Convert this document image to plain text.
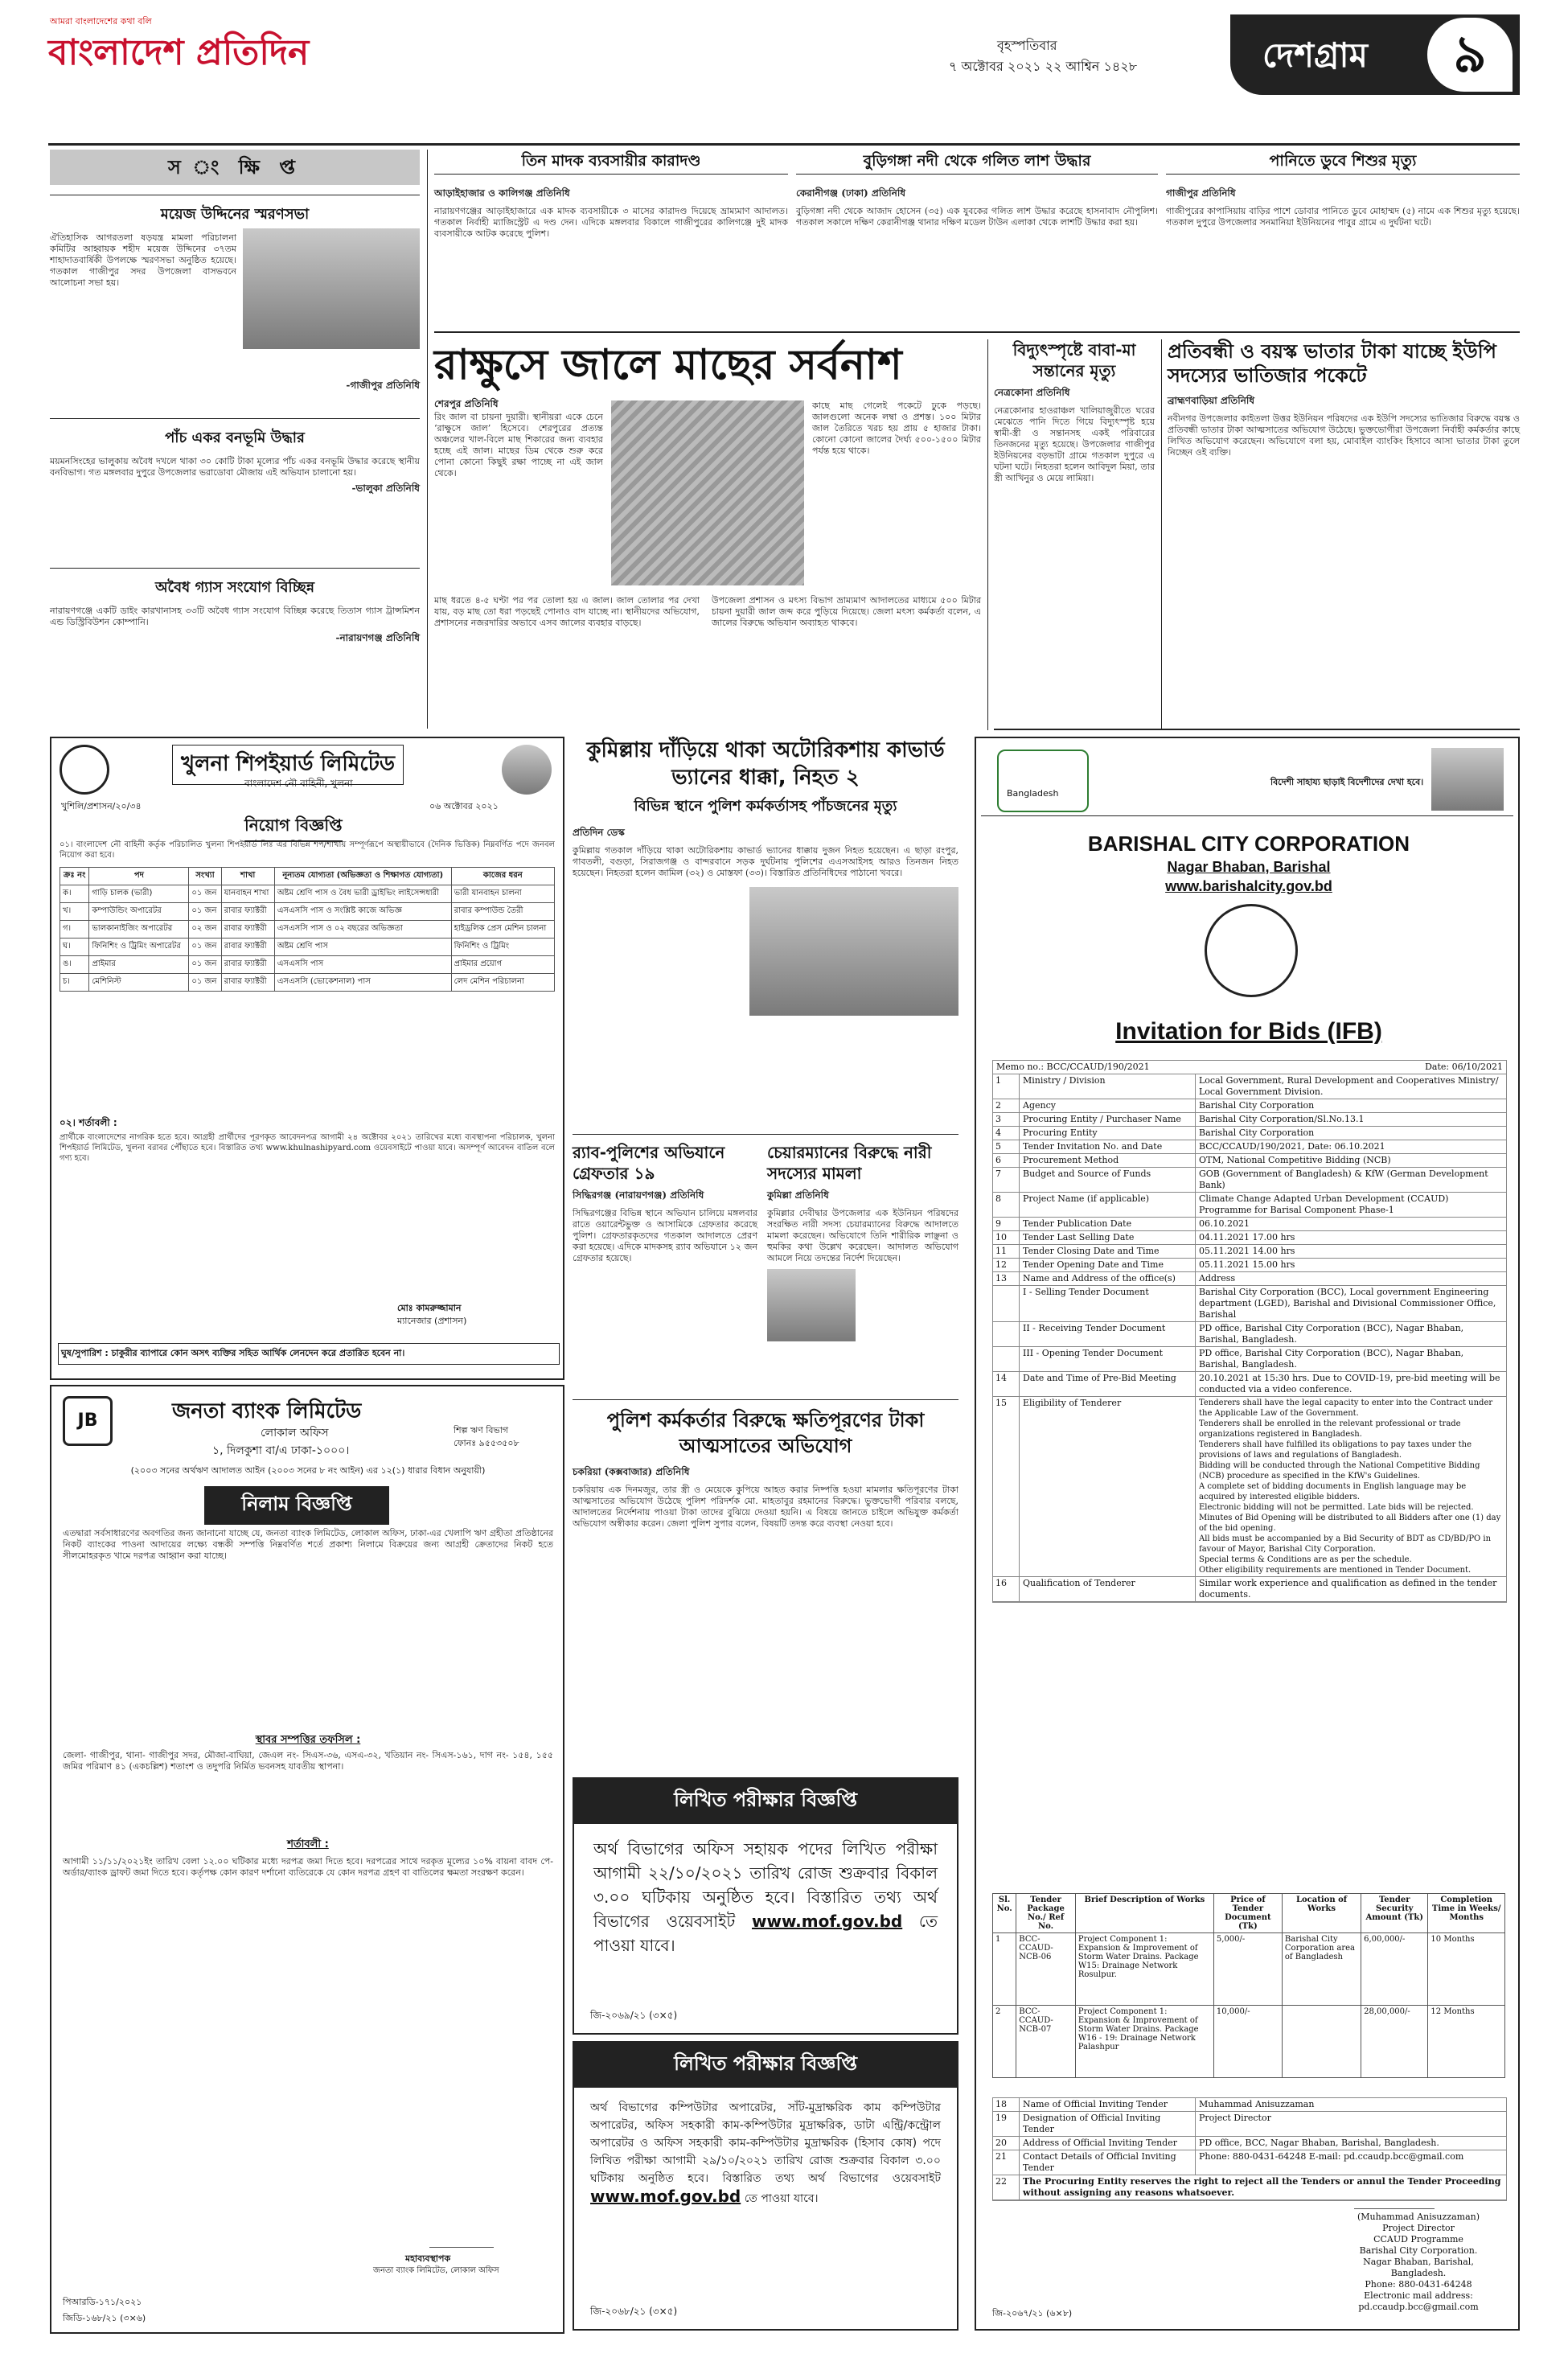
আমরা বাংলাদেশের কথা বলি
বাংলাদেশ প্রতিদিন	বৃহস্পতিবার
৭ অক্টোবর ২০২১ ২২ আশ্বিন ১৪২৮	দেশগ্রাম	৯
স ং ক্ষি প্ত
ময়েজ উদ্দিনের স্মরণসভা
ঐতিহাসিক আগরতলা ষড়যন্ত্র মামলা পরিচালনা কমিটির আহ্বায়ক শহীদ ময়েজ উদ্দিনের ৩৭তম শাহাদাতবার্ষিকী উপলক্ষে স্মরণসভা অনুষ্ঠিত হয়েছে। গতকাল গাজীপুর সদর উপজেলা বাসভবনে আলোচনা সভা হয়।
-গাজীপুর প্রতিনিধি
পাঁচ একর বনভূমি উদ্ধার
ময়মনসিংহের ভালুকায় অবৈধ দখলে থাকা ৩০ কোটি টাকা মূল্যের পাঁচ একর বনভূমি উদ্ধার করেছে স্থানীয় বনবিভাগ। গত মঙ্গলবার দুপুরে উপজেলার ভরাডোবা মৌজায় এই অভিযান চালানো হয়।
-ভালুকা প্রতিনিধি
অবৈধ গ্যাস সংযোগ বিচ্ছিন্ন
নারায়ণগঞ্জে একটি ডাইং কারখানাসহ ৩৩টি অবৈধ গ্যাস সংযোগ বিচ্ছিন্ন করেছে তিতাস গ্যাস ট্রান্সমিশন এন্ড ডিস্ট্রিবিউশন কোম্পানি।
-নারায়ণগঞ্জ প্রতিনিধি
তিন মাদক ব্যবসায়ীর কারাদণ্ড
আড়াইহাজার ও কালিগঞ্জ প্রতিনিধি
নারায়ণগঞ্জের আড়াইহাজারে এক মাদক ব্যবসায়ীকে ৩ মাসের কারাদণ্ড দিয়েছে ভ্রাম্যমাণ আদালত। গতকাল নির্বাহী ম্যাজিস্ট্রেট এ দণ্ড দেন। এদিকে মঙ্গলবার বিকালে গাজীপুরের কালিগঞ্জে দুই মাদক ব্যবসায়ীকে আটক করেছে পুলিশ।
বুড়িগঙ্গা নদী থেকে গলিত লাশ উদ্ধার
কেরানীগঞ্জ (ঢাকা) প্রতিনিধি
বুড়িগঙ্গা নদী থেকে আজাদ হোসেন (৩৫) এক যুবকের গলিত লাশ উদ্ধার করেছে হাসনাবাদ নৌপুলিশ। গতকাল সকালে দক্ষিণ কেরানীগঞ্জ থানার দক্ষিণ মডেল টাউন এলাকা থেকে লাশটি উদ্ধার করা হয়।
পানিতে ডুবে শিশুর মৃত্যু
গাজীপুর প্রতিনিধি
গাজীপুরের কাপাসিয়ায় বাড়ির পাশে ডোবার পানিতে ডুবে মোহাম্মদ (৫) নামে এক শিশুর মৃত্যু হয়েছে। গতকাল দুপুরে উপজেলার সনমানিয়া ইউনিয়নের পাবুর গ্রামে এ দুর্ঘটনা ঘটে।
রাক্ষুসে জালে মাছের সর্বনাশ
শেরপুর প্রতিনিধি
রিং জাল বা চায়না দুয়ারী। স্থানীয়রা একে চেনে ‘রাক্ষুসে জাল’ হিসেবে। শেরপুরের প্রত্যন্ত অঞ্চলের খাল-বিলে মাছ শিকারের জন্য ব্যবহার হচ্ছে এই জাল। মাছের ডিম থেকে শুরু করে পোনা কোনো কিছুই রক্ষা পাচ্ছে না এই জাল থেকে।
কাছে মাছ গেলেই পকেটে ঢুকে পড়ছে। জালগুলো অনেক লম্বা ও প্রশস্ত। ১০০ মিটার জাল তৈরিতে খরচ হয় প্রায় ৫ হাজার টাকা। কোনো কোনো জালের দৈর্ঘ্য ৫০০-১৫০০ মিটার পর্যন্ত হয়ে থাকে।
মাছ ধরতে ৪-৫ ঘণ্টা পর পর তোলা হয় এ জাল। জাল তোলার পর দেখা যায়, বড় মাছ তো ধরা পড়ছেই পোনাও বাদ যাচ্ছে না। স্থানীয়দের অভিযোগ, প্রশাসনের নজরদারির অভাবে এসব জালের ব্যবহার বাড়ছে।
উপজেলা প্রশাসন ও মৎস্য বিভাগ ভ্রাম্যমাণ আদালতের মাধ্যমে ৫০০ মিটার চায়না দুয়ারী জাল জব্দ করে পুড়িয়ে দিয়েছে। জেলা মৎস্য কর্মকর্তা বলেন, এ জালের বিরুদ্ধে অভিযান অব্যাহত থাকবে।
বিদ্যুৎস্পৃষ্টে বাবা-মা সন্তানের মৃত্যু
নেত্রকোনা প্রতিনিধি
নেত্রকোনার হাওরাঞ্চল খালিয়াজুরীতে ঘরের মেঝেতে পানি দিতে গিয়ে বিদ্যুৎস্পৃষ্ট হয়ে স্বামী-স্ত্রী ও সন্তানসহ একই পরিবারের তিনজনের মৃত্যু হয়েছে। উপজেলার গাজীপুর ইউনিয়নের বড়ভাটা গ্রামে গতকাল দুপুরে এ ঘটনা ঘটে। নিহতরা হলেন আবিদুল মিয়া, তার স্ত্রী আখিনুর ও মেয়ে লামিয়া।
প্রতিবন্ধী ও বয়স্ক ভাতার টাকা যাচ্ছে ইউপি সদস্যের ভাতিজার পকেটে
ব্রাহ্মণবাড়িয়া প্রতিনিধি
নবীনগর উপজেলার কাইতলা উত্তর ইউনিয়ন পরিষদের এক ইউপি সদস্যের ভাতিজার বিরুদ্ধে বয়স্ক ও প্রতিবন্ধী ভাতার টাকা আত্মসাতের অভিযোগ উঠেছে। ভুক্তভোগীরা উপজেলা নির্বাহী কর্মকর্তার কাছে লিখিত অভিযোগ করেছেন। অভিযোগে বলা হয়, মোবাইল ব্যাংকিং হিসাবে আসা ভাতার টাকা তুলে নিচ্ছেন ওই ব্যক্তি।
খুশিলি/প্রশাসন/২০/৩৪
খুলনা শিপইয়ার্ড লিমিটেড
বাংলাদেশ নৌ বাহিনী, খুলনা
০৬ অক্টোবর ২০২১
নিয়োগ বিজ্ঞপ্তি
০১। বাংলাদেশ নৌ বাহিনী কর্তৃক পরিচালিত খুলনা শিপইয়ার্ড লিঃ এর বিভিন্ন শপ/শাখায় সম্পূর্ণরূপে অস্থায়ীভাবে (দৈনিক ভিত্তিক) নিম্নবর্ণিত পদে জনবল নিয়োগ করা হবে।
ক্রঃ নং	পদ	সংখ্যা	শাখা	নূন্যতম যোগ্যতা (অভিজ্ঞতা ও শিক্ষাগত যোগ্যতা)	কাজের ধরন
ক।	গাড়ি চালক (ভারী)	০১ জন	যানবাহন শাখা	অষ্টম শ্রেণি পাস ও বৈধ ভারী ড্রাইভিং লাইসেন্সধারী	ভারী যানবাহন চালনা
খ।	কম্পাউন্ডিং অপারেটর	০১ জন	রাবার ফ্যাক্টরী	এসএসসি পাস ও সংশ্লিষ্ট কাজে অভিজ্ঞ	রাবার কম্পাউন্ড তৈরী
গ।	ভালকানাইজিং অপারেটর	০২ জন	রাবার ফ্যাক্টরী	এসএসসি পাস ও ০২ বছরের অভিজ্ঞতা	হাইড্রলিক প্রেস মেশিন চালনা
ঘ।	ফিনিশিং ও ট্রিমিং অপারেটর	০১ জন	রাবার ফ্যাক্টরী	অষ্টম শ্রেণি পাস	ফিনিশিং ও ট্রিমিং
ঙ।	প্রাইমার	০১ জন	রাবার ফ্যাক্টরী	এসএসসি পাস	প্রাইমার প্রয়োগ
চ।	মেশিনিস্ট	০১ জন	রাবার ফ্যাক্টরী	এসএসসি (ভোকেশনাল) পাস	লেদ মেশিন পরিচালনা
০২। শর্তাবলী :
প্রার্থীকে বাংলাদেশের নাগরিক হতে হবে। আগ্রহী প্রার্থীদের পূরণকৃত আবেদনপত্র আগামী ২৪ অক্টোবর ২০২১ তারিখের মধ্যে ব্যবস্থাপনা পরিচালক, খুলনা শিপইয়ার্ড লিমিটেড, খুলনা বরাবর পৌঁছাতে হবে। বিস্তারিত তথ্য www.khulnashipyard.com ওয়েবসাইটে পাওয়া যাবে। অসম্পূর্ণ আবেদন বাতিল বলে গণ্য হবে।
মোঃ কামরুজ্জামান
ম্যানেজার (প্রশাসন)
ঘুষ/সুপারিশ : চাকুরীর ব্যাপারে কোন অসৎ ব্যক্তির সহিত আর্থিক লেনদেন করে প্রতারিত হবেন না।
JB	জনতা ব্যাংক লিমিটেড
লোকাল অফিস
১, দিলকুশা বা/এ ঢাকা-১০০০।
শিল্প ঋণ বিভাগ
ফোনঃ ৯৫৫৩৫০৮
(২০০৩ সনের অর্থঋণ আদালত আইন (২০০৩ সনের ৮ নং আইন) এর ১২(১) ধারার বিধান অনুযায়ী)
নিলাম বিজ্ঞপ্তি
এতদ্বারা সর্বসাধারণের অবগতির জন্য জানানো যাচ্ছে যে, জনতা ব্যাংক লিমিটেড, লোকাল অফিস, ঢাকা-এর খেলাপি ঋণ গ্রহীতা প্রতিষ্ঠানের নিকট ব্যাংকের পাওনা আদায়ের লক্ষ্যে বন্ধকী সম্পত্তি নিম্নবর্ণিত শর্তে প্রকাশ্য নিলামে বিক্রয়ের জন্য আগ্রহী ক্রেতাদের নিকট হতে সীলমোহরকৃত খামে দরপত্র আহ্বান করা যাচ্ছে।
স্থাবর সম্পত্তির তফসিল :
জেলা- গাজীপুর, থানা- গাজীপুর সদর, মৌজা-বাঘিয়া, জেএল নং- সিএস-৩৬, এসএ-৩২, খতিয়ান নং- সিএস-১৬১, দাগ নং- ১৫৪, ১৫৫ জমির পরিমাণ ৪১ (একচল্লিশ) শতাংশ ও তদুপরি নির্মিত ভবনসহ যাবতীয় স্থাপনা।
শর্তাবলী :
আগামী ১১/১১/২০২১ইং তারিখ বেলা ১২.০০ ঘটিকার মধ্যে দরপত্র জমা দিতে হবে। দরপত্রের সাথে দরকৃত মূল্যের ১০% বায়না বাবদ পে-অর্ডার/ব্যাংক ড্রাফট জমা দিতে হবে। কর্তৃপক্ষ কোন কারণ দর্শানো ব্যতিরেকে যে কোন দরপত্র গ্রহণ বা বাতিলের ক্ষমতা সংরক্ষণ করেন।
মহাব্যবস্থাপক
জনতা ব্যাংক লিমিটেড, লোকাল অফিস
পিআরডি-১৭১/২০২১
জিডি-১৬৮/২১ (৩×৬)
কুমিল্লায় দাঁড়িয়ে থাকা অটোরিকশায় কাভার্ড ভ্যানের ধাক্কা, নিহত ২
বিভিন্ন স্থানে পুলিশ কর্মকর্তাসহ পাঁচজনের মৃত্যু
প্রতিদিন ডেস্ক
কুমিল্লায় গতকাল দাঁড়িয়ে থাকা অটোরিকশায় কাভার্ড ভ্যানের ধাক্কায় দুজন নিহত হয়েছেন। এ ছাড়া রংপুর, গাবতলী, বগুড়া, সিরাজগঞ্জ ও বান্দরবানে সড়ক দুর্ঘটনায় পুলিশের এএসআইসহ আরও তিনজন নিহত হয়েছেন। নিহতরা হলেন জামিল (৩২) ও মোস্তফা (৩৩)। বিস্তারিত প্রতিনিধিদের পাঠানো খবরে।
র‌্যাব-পুলিশের অভিযানে গ্রেফতার ১৯
সিদ্ধিরগঞ্জ (নারায়ণগঞ্জ) প্রতিনিধি
সিদ্ধিরগঞ্জের বিভিন্ন স্থানে অভিযান চালিয়ে মঙ্গলবার রাতে ওয়ারেন্টভুক্ত ও আসামিকে গ্রেফতার করেছে পুলিশ। গ্রেফতারকৃতদের গতকাল আদালতে প্রেরণ করা হয়েছে। এদিকে মাদকসহ র‌্যাব অভিযানে ১২ জন গ্রেফতার হয়েছে।
চেয়ারম্যানের বিরুদ্ধে নারী সদস্যের মামলা
কুমিল্লা প্রতিনিধি
কুমিল্লার দেবীদ্বার উপজেলার এক ইউনিয়ন পরিষদের সংরক্ষিত নারী সদস্য চেয়ারম্যানের বিরুদ্ধে আদালতে মামলা করেছেন। অভিযোগে তিনি শারীরিক লাঞ্ছনা ও হুমকির কথা উল্লেখ করেছেন। আদালত অভিযোগ আমলে নিয়ে তদন্তের নির্দেশ দিয়েছেন।
পুলিশ কর্মকর্তার বিরুদ্ধে ক্ষতিপূরণের টাকা আত্মসাতের অভিযোগ
চকরিয়া (কক্সবাজার) প্রতিনিধি
চকরিয়ায় এক দিনমজুর, তার স্ত্রী ও মেয়েকে কুপিয়ে আহত করার নিষ্পত্তি হওয়া মামলার ক্ষতিপূরণের টাকা আত্মসাতের অভিযোগ উঠেছে পুলিশ পরিদর্শক মো. মাহতাবুর রহমানের বিরুদ্ধে। ভুক্তভোগী পরিবার বলছে, আদালতের নির্দেশনায় পাওয়া টাকা তাদের বুঝিয়ে দেওয়া হয়নি। এ বিষয়ে জানতে চাইলে অভিযুক্ত কর্মকর্তা অভিযোগ অস্বীকার করেন। জেলা পুলিশ সুপার বলেন, বিষয়টি তদন্ত করে ব্যবস্থা নেওয়া হবে।
লিখিত পরীক্ষার বিজ্ঞপ্তি
অর্থ বিভাগের অফিস সহায়ক পদের লিখিত পরীক্ষা আগামী ২২/১০/২০২১ তারিখ রোজ শুক্রবার বিকাল ৩.০০ ঘটিকায় অনুষ্ঠিত হবে। বিস্তারিত তথ্য অর্থ বিভাগের ওয়েবসাইট www.mof.gov.bd তে পাওয়া যাবে।
জি-২০৬৯/২১ (৩×৫)
লিখিত পরীক্ষার বিজ্ঞপ্তি
অর্থ বিভাগের কম্পিউটার অপারেটর, সাঁট-মুদ্রাক্ষরিক কাম কম্পিউটার অপারেটর, অফিস সহকারী কাম-কম্পিউটার মুদ্রাক্ষরিক, ডাটা এন্ট্রি/কন্ট্রোল অপারেটর ও অফিস সহকারী কাম-কম্পিউটার মুদ্রাক্ষরিক (হিসাব কোষ) পদে লিখিত পরীক্ষা আগামী ২৯/১০/২০২১ তারিখ রোজ শুক্রবার বিকাল ৩.০০ ঘটিকায় অনুষ্ঠিত হবে। বিস্তারিত তথ্য অর্থ বিভাগের ওয়েবসাইট www.mof.gov.bd তে পাওয়া যাবে।
জি-২০৬৮/২১ (৩×৫)
Bangladesh
বিদেশী সাহায্য ছাড়াই বিদেশীদের দেখা হবে।
BARISHAL CITY CORPORATION
Nagar Bhaban, Barishal
www.barishalcity.gov.bd
Invitation for Bids (IFB)
Memo no.: BCC/CCAUD/190/2021	Date: 06/10/2021
1	Ministry / Division	Local Government, Rural Development and Cooperatives Ministry/ Local Government Division.
2	Agency	Barishal City Corporation
3	Procuring Entity / Purchaser Name	Barishal City Corporation/Sl.No.13.1
4	Procuring Entity	Barishal City Corporation
5	Tender Invitation No. and Date	BCC/CCAUD/190/2021, Date: 06.10.2021
6	Procurement Method	OTM, National Competitive Bidding (NCB)
7	Budget and Source of Funds	GOB (Government of Bangladesh) & KfW (German Development Bank)
8	Project Name (if applicable)	Climate Change Adapted Urban Development (CCAUD) Programme for Barisal Component Phase-1
9	Tender Publication Date	06.10.2021
10	Tender Last Selling Date	04.11.2021 17.00 hrs
11	Tender Closing Date and Time	05.11.2021 14.00 hrs
12	Tender Opening Date and Time	05.11.2021 15.00 hrs
13	Name and Address of the office(s)	Address
I - Selling Tender Document	Barishal City Corporation (BCC), Local government Engineering department (LGED), Barishal and Divisional Commissioner Office, Barishal
II - Receiving Tender Document	PD office, Barishal City Corporation (BCC), Nagar Bhaban, Barishal, Bangladesh.
III - Opening Tender Document	PD office, Barishal City Corporation (BCC), Nagar Bhaban, Barishal, Bangladesh.
14	Date and Time of Pre-Bid Meeting	20.10.2021 at 15:30 hrs. Due to COVID-19, pre-bid meeting will be conducted via a video conference.
15	Eligibility of Tenderer	Tenderers shall have the legal capacity to enter into the Contract under the Applicable Law of the Government.
Tenderers shall be enrolled in the relevant professional or trade organizations registered in Bangladesh.
Tenderers shall have fulfilled its obligations to pay taxes under the provisions of laws and regulations of Bangladesh.
Bidding will be conducted through the National Competitive Bidding (NCB) procedure as specified in the KfW's Guidelines.
A complete set of bidding documents in English language may be acquired by interested eligible bidders.
Electronic bidding will not be permitted. Late bids will be rejected.
Minutes of Bid Opening will be distributed to all Bidders after one (1) day of the bid opening.
All bids must be accompanied by a Bid Security of BDT as CD/BD/PO in favour of Mayor, Barishal City Corporation.
Special terms & Conditions are as per the schedule.
Other eligibility requirements are mentioned in Tender Document.
16	Qualification of Tenderer	Similar work experience and qualification as defined in the tender documents.
Sl. No.	Tender Package No./ Ref No.	Brief Description of Works	Price of Tender Document (Tk)	Location of Works	Tender Security Amount (Tk)	Completion Time in Weeks/ Months
1	BCC-CCAUD-NCB-06	Project Component 1: Expansion & Improvement of Storm Water Drains. Package W15: Drainage Network Rosulpur.	5,000/-	Barishal City Corporation area of Bangladesh	6,00,000/-	10 Months
2	BCC-CCAUD-NCB-07	Project Component 1: Expansion & Improvement of Storm Water Drains. Package W16 - 19: Drainage Network Palashpur	10,000/-		28,00,000/-	12 Months
18	Name of Official Inviting Tender	Muhammad Anisuzzaman
19	Designation of Official Inviting Tender
Project Director
20	Address of Official Inviting Tender	PD office, BCC, Nagar Bhaban, Barishal, Bangladesh.
21	Contact Details of Official Inviting Tender
Phone: 880-0431-64248 E-mail: pd.ccaudp.bcc@gmail.com
22	The Procuring Entity reserves the right to reject all the Tenders or annul the Tender Proceeding without assigning any reasons whatsoever.
(Muhammad Anisuzzaman)
Project Director
CCAUD Programme
Barishal City Corporation.
Nagar Bhaban, Barishal,
Bangladesh.
Phone: 880-0431-64248
Electronic mail address: pd.ccaudp.bcc@gmail.com
জি-২০৬৭/২১ (৬×৮)
